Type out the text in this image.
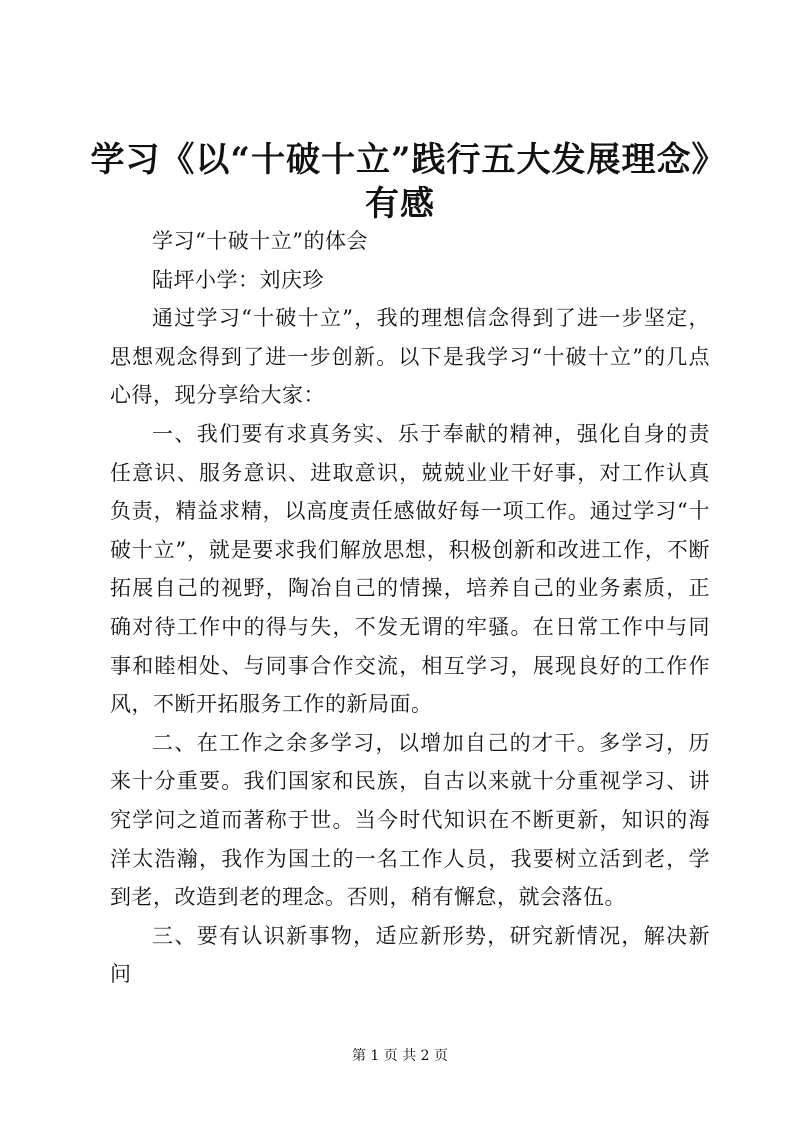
学习《以“十破十立”践行五大发展理念》有感

学习“十破十立”的体会

陆坪小学：刘庆珍

通过学习“十破十立”，我的理想信念得到了进一步坚定，思想观念得到了进一步创新。以下是我学习“十破十立”的几点心得，现分享给大家：

一、我们要有求真务实、乐于奉献的精神，强化自身的责任意识、服务意识、进取意识，兢兢业业干好事，对工作认真负责，精益求精，以高度责任感做好每一项工作。通过学习“十破十立”，就是要求我们解放思想，积极创新和改进工作，不断拓展自己的视野，陶冶自己的情操，培养自己的业务素质，正确对待工作中的得与失，不发无谓的牢骚。在日常工作中与同事和睦相处、与同事合作交流，相互学习，展现良好的工作作风，不断开拓服务工作的新局面。

二、在工作之余多学习，以增加自己的才干。多学习，历来十分重要。我们国家和民族，自古以来就十分重视学习、讲究学问之道而著称于世。当今时代知识在不断更新，知识的海洋太浩瀚，我作为国土的一名工作人员，我要树立活到老，学到老，改造到老的理念。否则，稍有懈怠，就会落伍。

三、要有认识新事物，适应新形势，研究新情况，解决新问

第 1 页 共 2 页
